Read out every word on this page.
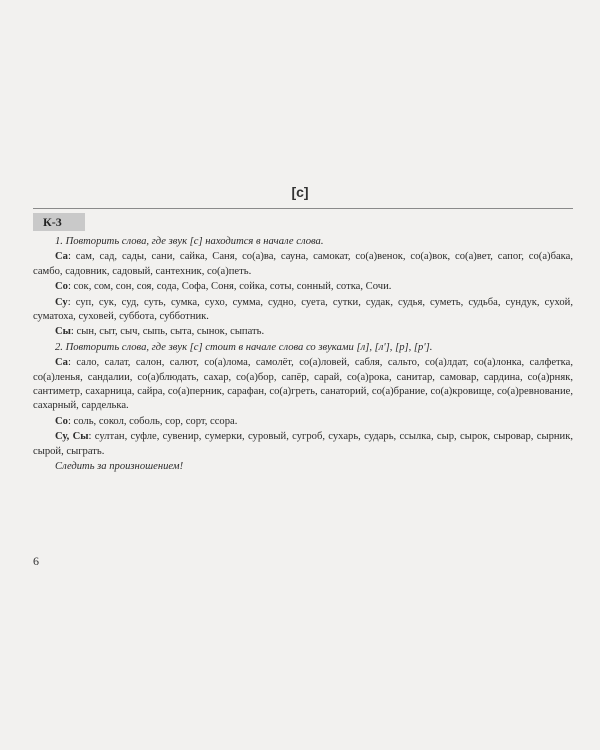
[с]
К-3

1. Повторить слова, где звук [с] находится в начале слова.

Са: сам, сад, сады, сани, сайка, Саня, со(а)ва, сауна, самокат, со(а)венок, со(а)вок, со(а)вет, сапог, со(а)бака, самбо, садовник, садовый, сантехник, со(а)петь.

Со: сок, сом, сон, соя, сода, Софа, Соня, сойка, соты, сонный, сотка, Сочи.

Су: суп, сук, суд, суть, сумка, сухо, сумма, судно, суета, сутки, судак, судья, суметь, судьба, сундук, сухой, суматоха, суховей, суббота, субботник.

Сы: сын, сыт, сыч, сыпь, сыта, сынок, сыпать.

2. Повторить слова, где звук [с] стоит в начале слова со звуками [л], [л'], [р], [р'].

Са: сало, салат, салон, салют, со(а)лома, самолёт, со(а)ловей, сабля, сальто, со(а)лдат, со(а)лонка, салфетка, со(а)ленья, сандалии, со(а)блюдать, сахар, со(а)бор, сапёр, сарай, со(а)рока, санитар, самовар, сардина, со(а)рняк, сантиметр, сахарница, сайра, со(а)перник, сарафан, со(а)греть, санаторий, со(а)брание, со(а)кровище, со(а)ревнование, сахарный, сарделька.

Со: соль, сокол, соболь, сор, сорт, ссора.

Су, Сы: султан, суфле, сувенир, сумерки, суровый, сугроб, сухарь, сударь, ссылка, сыр, сырок, сыровар, сырник, сырой, сыграть.

Следить за произношением!

6
